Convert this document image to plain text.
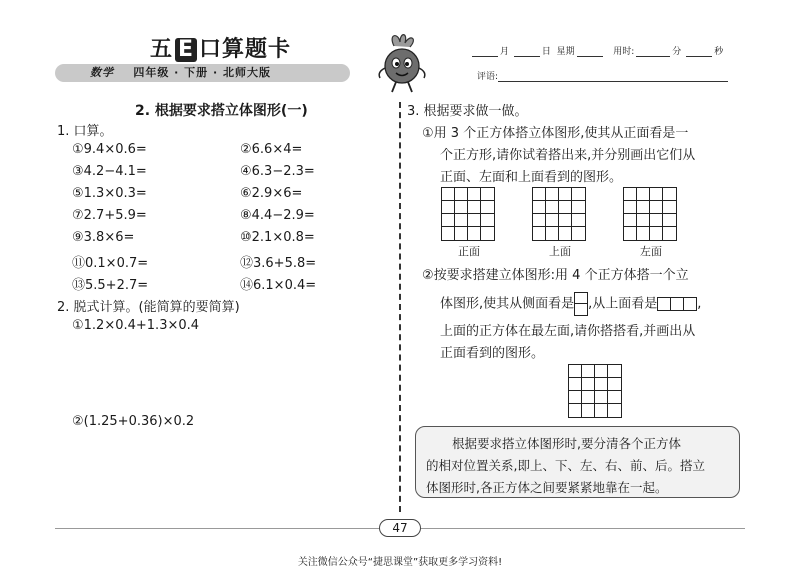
五 E 口算题卡
数学 四年级 · 下册 · 北师大版
月	日 星期	用时:	分	秒
评语:
2. 根据要求搭立体图形(一)
1. 口算。
①9.4×0.6=	②6.6×4=
③4.2−4.1=	④6.3−2.3=
⑤1.3×0.3=	⑥2.9×6=
⑦2.7+5.9=	⑧4.4−2.9=
⑨3.8×6=	⑩2.1×0.8=
⑪0.1×0.7=	⑫3.6+5.8=
⑬5.5+2.7=	⑭6.1×0.4=
2. 脱式计算。(能简算的要简算)
①1.2×0.4+1.3×0.4
②(1.25+0.36)×0.2
3. 根据要求做一做。
①用 3 个正方体搭立体图形,使其从正面看是一
个正方形,请你试着搭出来,并分别画出它们从
正面、左面和上面看到的图形。
正面	上面	左面
②按要求搭建立体图形:用 4 个正方体搭一个立
体图形,使其从侧面看是 ,从上面看是	,
上面的正方体在最左面,请你搭搭看,并画出从
正面看到的图形。
根据要求搭立体图形时,要分清各个正方体
的相对位置关系,即上、下、左、右、前、后。搭立
体图形时,各正方体之间要紧紧地靠在一起。
47
关注微信公众号“捷思课堂”获取更多学习资料!
